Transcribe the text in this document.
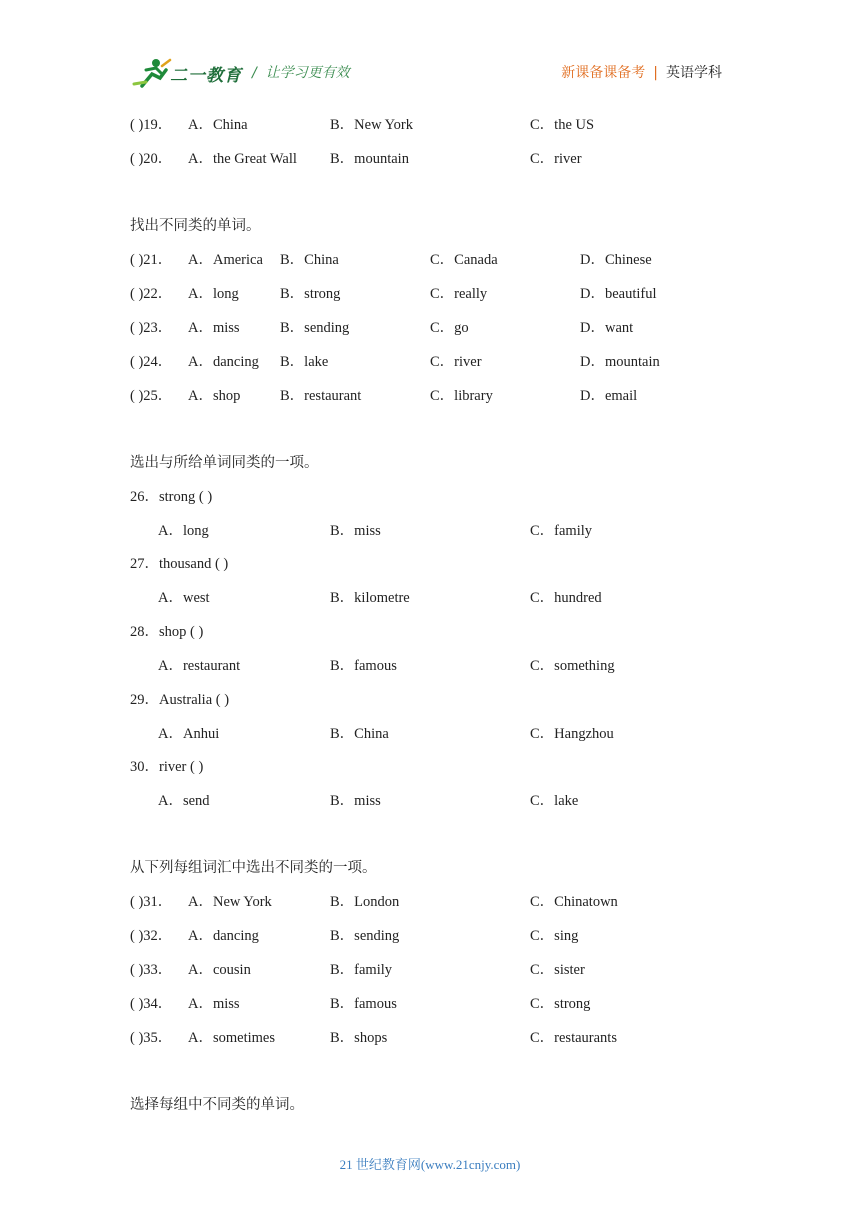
二一教育 / 让学习更有效	新课备课备考 | 英语学科
( )19． A．China	B．New York	C．the US
( )20． A．the Great Wall B．mountain	C．river
找出不同类的单词。
( )21． A．America B．China	C．Canada	D．Chinese
( )22． A．long	B．strong	C．really	D．beautiful
( )23． A．miss	B．sending	C．go	D．want
( )24． A．dancing B．lake	C．river	D．mountain
( )25． A．shop	B．restaurant	C．library	D．email
选出与所给单词同类的一项。
26．strong ( )
A．long	B．miss	C．family
27．thousand ( )
A．west	B．kilometre	C．hundred
28．shop ( )
A．restaurant	B．famous	C．something
29．Australia ( )
A．Anhui	B．China	C．Hangzhou
30．river ( )
A．send	B．miss	C．lake
从下列每组词汇中选出不同类的一项。
( )31． A．New York	B．London	C．Chinatown
( )32． A．dancing	B．sending	C．sing
( )33． A．cousin	B．family	C．sister
( )34． A．miss	B．famous	C．strong
( )35． A．sometimes	B．shops	C．restaurants
选择每组中不同类的单词。
21 世纪教育网(www.21cnjy.com)
